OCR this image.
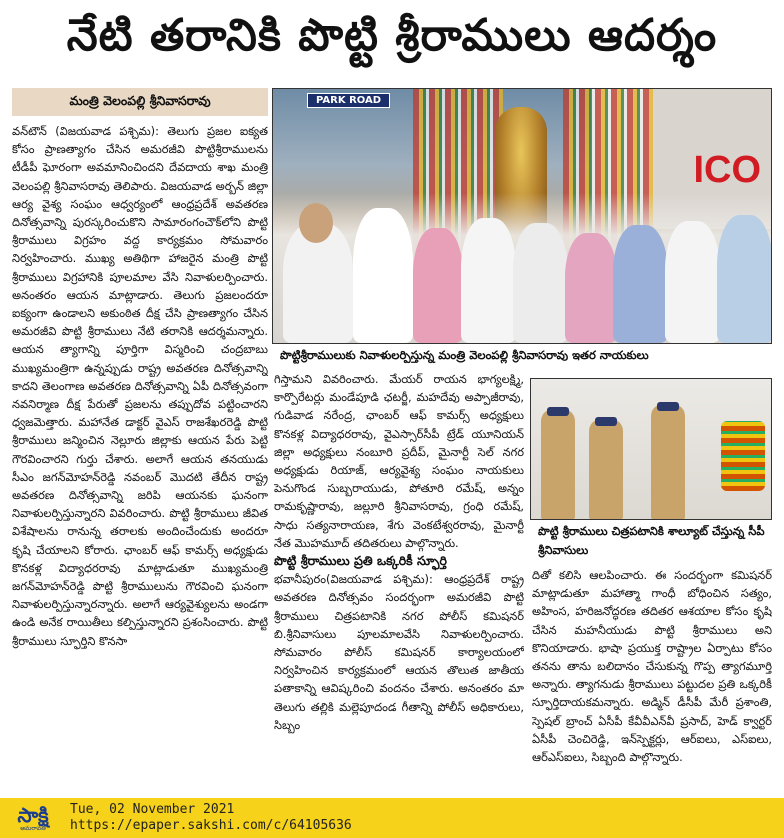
నేటి తరానికి పొట్టి శ్రీరాములు ఆదర్శం
మంత్రి వెలంపల్లి శ్రీనివాసరావు

వన్‌టౌన్ (విజయవాడ పశ్చిమ): తెలుగు ప్రజల ఐక్యత కోసం ప్రాణత్యాగం చేసిన అమరజీవి పొట్టిశ్రీరాములను టీడీపీ ఘోరంగా అవమానించిందని దేవదాయ శాఖ మంత్రి వెలంపల్లి శ్రీనివాసరావు తెలిపారు. విజయవాడ అర్బన్ జిల్లా ఆర్య వైశ్య సంఘం ఆధ్వర్యంలో ఆంధ్రప్రదేశ్ అవతరణ దినోత్సవాన్ని పురస్కరించుకొని సామారంగంచౌక్‌లోని పొట్టి శ్రీరాములు విగ్రహం వద్ద కార్యక్రమం సోమవారం నిర్వహించారు. ముఖ్య అతిథిగా హాజరైన మంత్రి పొట్టి శ్రీరాములు విగ్రహానికి పూలమాల వేసి నివాళులర్పించారు. అనంతరం ఆయన మాట్లాడారు. తెలుగు ప్రజలందరూ ఐక్యంగా ఉండాలని అకుంఠిత దీక్ష చేసి ప్రాణత్యాగం చేసిన అమరజీవి పొట్టి శ్రీరాములు నేటి తరానికి ఆదర్శమన్నారు. ఆయన త్యాగాన్ని పూర్తిగా విస్మరించి చంద్రబాబు ముఖ్యమంత్రిగా ఉన్నప్పుడు రాష్ట్ర అవతరణ దినోత్సవాన్ని కాదని తెలంగాణ అవతరణ దినోత్సవాన్ని ఏపీ దినోత్సవంగా నవనిర్మాణ దీక్ష పేరుతో ప్రజలను తప్పుదోవ పట్టించారని ధ్వజమెత్తారు. మహానేత డాక్టర్ వైఎస్ రాజశేఖరరెడ్డి పొట్టి శ్రీరాములు జన్మించిన నెల్లూరు జిల్లాకు ఆయన పేరు పెట్టి గౌరవించారని గుర్తు చేశారు. అలాగే ఆయన తనయుడు సీఎం జగన్‌మోహన్‌రెడ్డి నవంబర్ మొదటి తేదీన రాష్ట్ర అవతరణ దినోత్సవాన్ని జరిపి ఆయనకు ఘనంగా నివాళులర్పిస్తున్నారని వివరించారు. పొట్టి శ్రీరాములు జీవిత విశేషాలను రానున్న తరాలకు అందించేందుకు అందరూ కృషి చేయాలని కోరారు. ఛాంబర్ ఆఫ్ కామర్స్ అధ్యక్షుడు కొనకళ్ల విద్యాధరరావు మాట్లాడుతూ ముఖ్యమంత్రి జగన్‌మోహన్‌రెడ్డి పొట్టి శ్రీరాములును గౌరవించి ఘనంగా నివాళులర్పిస్తున్నారన్నారు. అలాగే ఆర్యవైశ్యులను అండగా ఉండి అనేక రాయితీలు కల్పిస్తున్నారని ప్రశంసించారు. పొట్టి శ్రీరాములు స్ఫూర్తిని కొనసా

ICO
PARK ROAD
పొట్టిశ్రీరాములుకు నివాళులర్పిస్తున్న మంత్రి వెలంపల్లి శ్రీనివాసరావు ఇతర నాయకులు

గిస్తామని వివరించారు. మేయర్ రాయన భాగ్యలక్ష్మి, కార్పొరేటర్లు మండేపూడి ఛటర్జీ, మహదేవు అప్పాజీరావు, గుడివాడ నరేంద్ర, ఛాంబర్ ఆఫ్ కామర్స్ అధ్యక్షులు కొనకళ్ల విద్యాధరరావు, వైఎస్సార్‌సీపీ ట్రేడ్ యూనియన్ జిల్లా అధ్యక్షులు నంబూరి ప్రదీప్, మైనార్టీ సెల్ నగర అధ్యక్షుడు రియాజ్, ఆర్యవైశ్య సంఘం నాయకులు పెనుగొండ సుబ్బరాయుడు, పోతూరి రమేష్, అన్నం రామకృష్ణారావు, జల్లూరి శ్రీనివాసరావు, గ్రంధి రమేష్, సాధు సత్యనారాయణ, శేగు వెంకటేశ్వరరావు, మైనార్టీ నేత మొహమూద్ తదితరులు పాల్గొన్నారు.

పొట్టి శ్రీరాములు ప్రతి ఒక్కరికీ స్ఫూర్తి

భవానీపురం(విజయవాడ పశ్చిమ): ఆంధ్రప్రదేశ్ రాష్ట్ర అవతరణ దినోత్సవం సందర్భంగా అమరజీవి పొట్టి శ్రీరాములు చిత్రపటానికి నగర పోలీస్ కమిషనర్ బి.శ్రీనివాసులు పూలమాలవేసి నివాళులర్పించారు. సోమవారం పోలీస్ కమిషనర్ కార్యాలయంలో నిర్వహించిన కార్యక్రమంలో ఆయన తొలుత జాతీయ పతాకాన్ని ఆవిష్కరించి వందనం చేశారు. అనంతరం మా తెలుగు తల్లికి మల్లెపూదండ గీతాన్ని పోలీస్ అధికారులు, సిబ్బం

పొట్టి శ్రీరాములు చిత్రపటానికి శాల్యూట్ చేస్తున్న సీపీ శ్రీనివాసులు

దితో కలిసి ఆలపించారు. ఈ సందర్భంగా కమిషనర్ మాట్లాడుతూ మహాత్మా గాంధీ బోధించిన సత్యం, అహింస, హరిజనోద్ధరణ తదితర ఆశయాల కోసం కృషి చేసిన మహనీయుడు పొట్టి శ్రీరాములు అని కొనియాడారు. భాషా ప్రయుక్త రాష్ట్రాల ఏర్పాటు కోసం తనను తాను బలిదానం చేసుకున్న గొప్ప త్యాగమూర్తి అన్నారు. త్యాగనుడు శ్రీరాములు పట్టుదల ప్రతి ఒక్కరికీ స్ఫూర్తిదాయకమన్నారు. అడ్మిన్ డీసీపీ మేరీ ప్రశాంతి, స్పెషల్ బ్రాంచ్ ఏసీపీ కేవీవీఎన్‌వీ ప్రసాద్, హెడ్ క్వార్టర్ ఏసీపీ చెంచిరెడ్డి, ఇన్‌స్పెక్టర్లు, ఆర్‌ఐలు, ఎస్‌ఐలు, ఆర్‌ఎస్‌ఐలు, సిబ్బంది పాల్గొన్నారు.

సాక్షి
అమరావతి
Tue, 02 November 2021
https://epaper.sakshi.com/c/64105636
